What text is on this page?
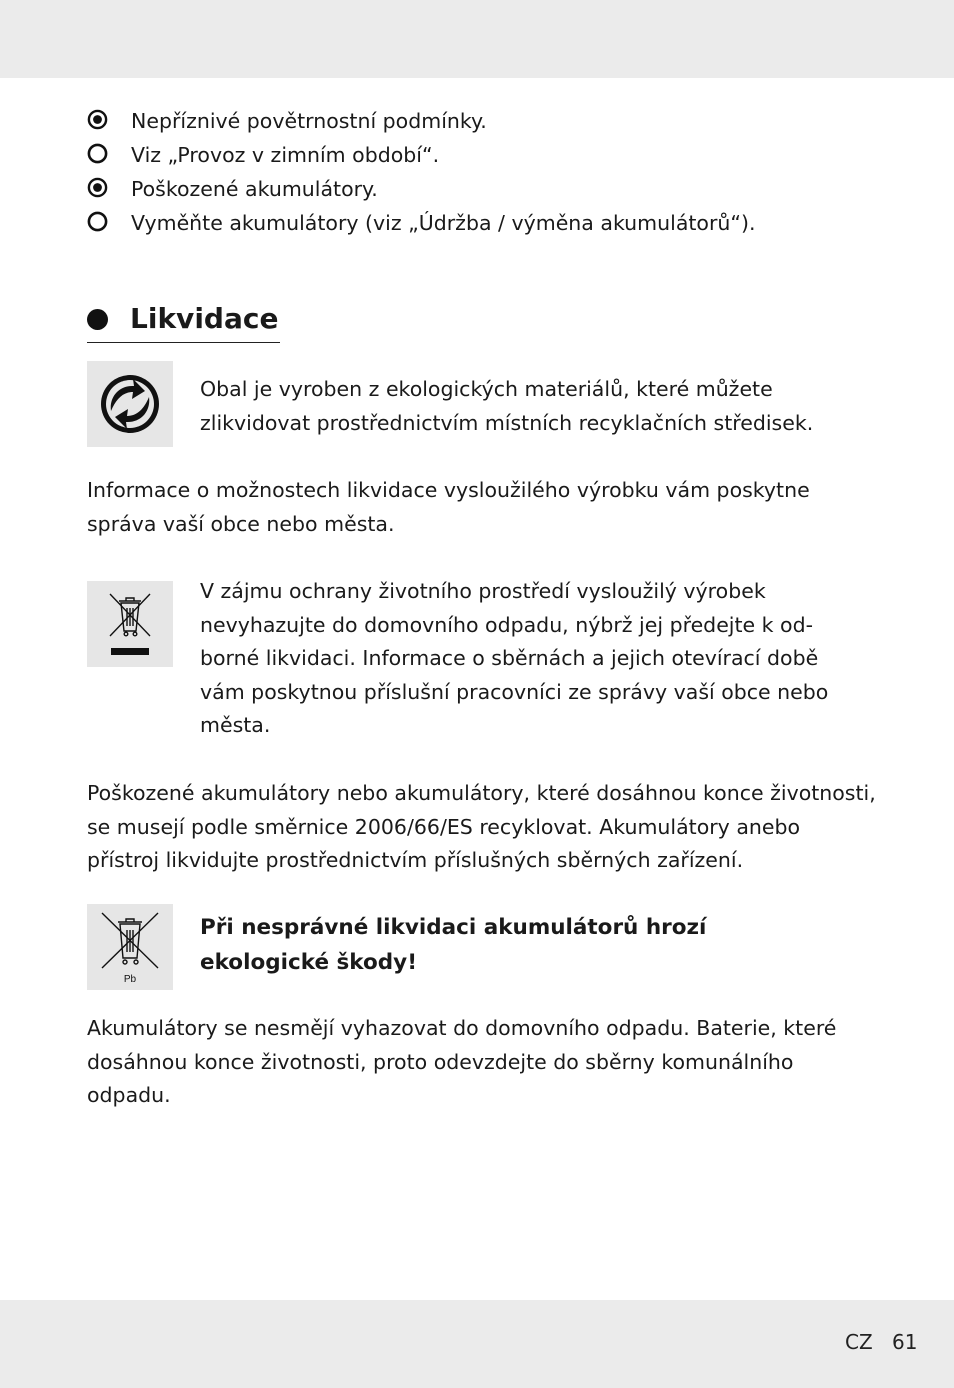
Nepříznivé povětrnostní podmínky.
Viz „Provoz v zimním období“.
Poškozené akumulátory.
Vyměňte akumulátory (viz „Údržba / výměna akumulátorů“).
Likvidace
Obal je vyroben z ekologických materiálů, které můžete
zlikvidovat prostřednictvím místních recyklačních středisek.
Informace o možnostech likvidace vysloužilého výrobku vám poskytne
správa vaší obce nebo města.
V zájmu ochrany životního prostředí vysloužilý výrobek
nevyhazujte do domovního odpadu, nýbrž jej předejte k od-
borné likvidaci. Informace o sběrnách a jejich otevírací době
vám poskytnou příslušní pracovníci ze správy vaší obce nebo
města.
Poškozené akumulátory nebo akumulátory, které dosáhnou konce životnosti,
se musejí podle směrnice 2006/66/ES recyklovat. Akumulátory anebo
přístroj likvidujte prostřednictvím příslušných sběrných zařízení.
Pb
Při nesprávné likvidaci akumulátorů hrozí
ekologické škody!
Akumulátory se nesmějí vyhazovat do domovního odpadu. Baterie, které
dosáhnou konce životnosti, proto odevzdejte do sběrny komunálního
odpadu.
CZ 61
